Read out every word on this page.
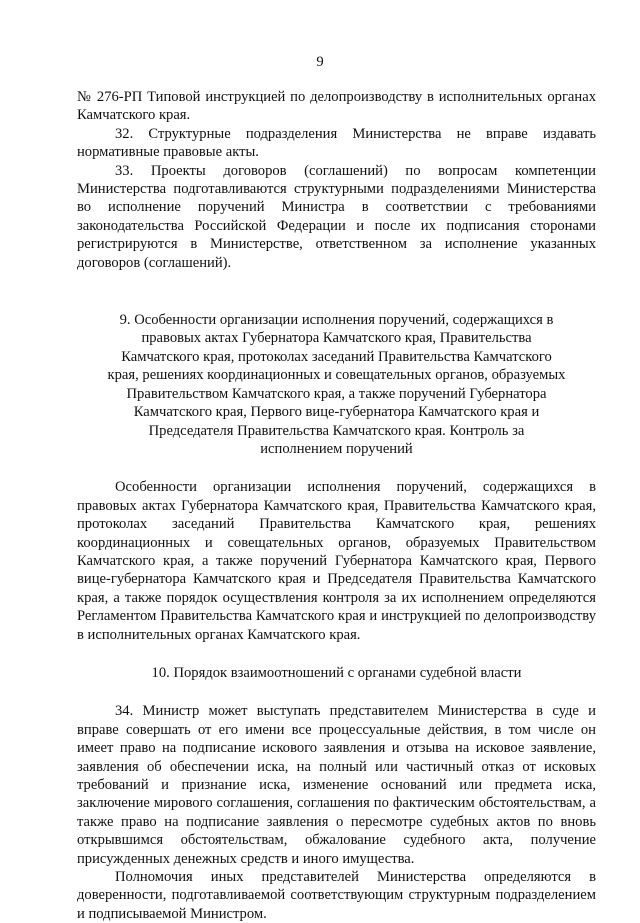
9

№ 276-РП Типовой инструкцией по делопроизводству в исполнительных органах Камчатского края.

32. Структурные подразделения Министерства не вправе издавать нормативные правовые акты.

33. Проекты договоров (соглашений) по вопросам компетенции Министерства подготавливаются структурными подразделениями Министерства во исполнение поручений Министра в соответствии с требованиями законодательства Российской Федерации и после их подписания сторонами регистрируются в Министерстве, ответственном за исполнение указанных договоров (соглашений).

9. Особенности организации исполнения поручений, содержащихся в правовых актах Губернатора Камчатского края, Правительства Камчатского края, протоколах заседаний Правительства Камчатского края, решениях координационных и совещательных органов, образуемых Правительством Камчатского края, а также поручений Губернатора Камчатского края, Первого вице-губернатора Камчатского края и Председателя Правительства Камчатского края. Контроль за исполнением поручений

Особенности организации исполнения поручений, содержащихся в правовых актах Губернатора Камчатского края, Правительства Камчатского края, протоколах заседаний Правительства Камчатского края, решениях координационных и совещательных органов, образуемых Правительством Камчатского края, а также поручений Губернатора Камчатского края, Первого вице-губернатора Камчатского края и Председателя Правительства Камчатского края, а также порядок осуществления контроля за их исполнением определяются Регламентом Правительства Камчатского края и инструкцией по делопроизводству в исполнительных органах Камчатского края.

10. Порядок взаимоотношений с органами судебной власти

34. Министр может выступать представителем Министерства в суде и вправе совершать от его имени все процессуальные действия, в том числе он имеет право на подписание искового заявления и отзыва на исковое заявление, заявления об обеспечении иска, на полный или частичный отказ от исковых требований и признание иска, изменение оснований или предмета иска, заключение мирового соглашения, соглашения по фактическим обстоятельствам, а также право на подписание заявления о пересмотре судебных актов по вновь открывшимся обстоятельствам, обжалование судебного акта, получение присужденных денежных средств и иного имущества.

Полномочия иных представителей Министерства определяются в доверенности, подготавливаемой соответствующим структурным подразделением и подписываемой Министром.
